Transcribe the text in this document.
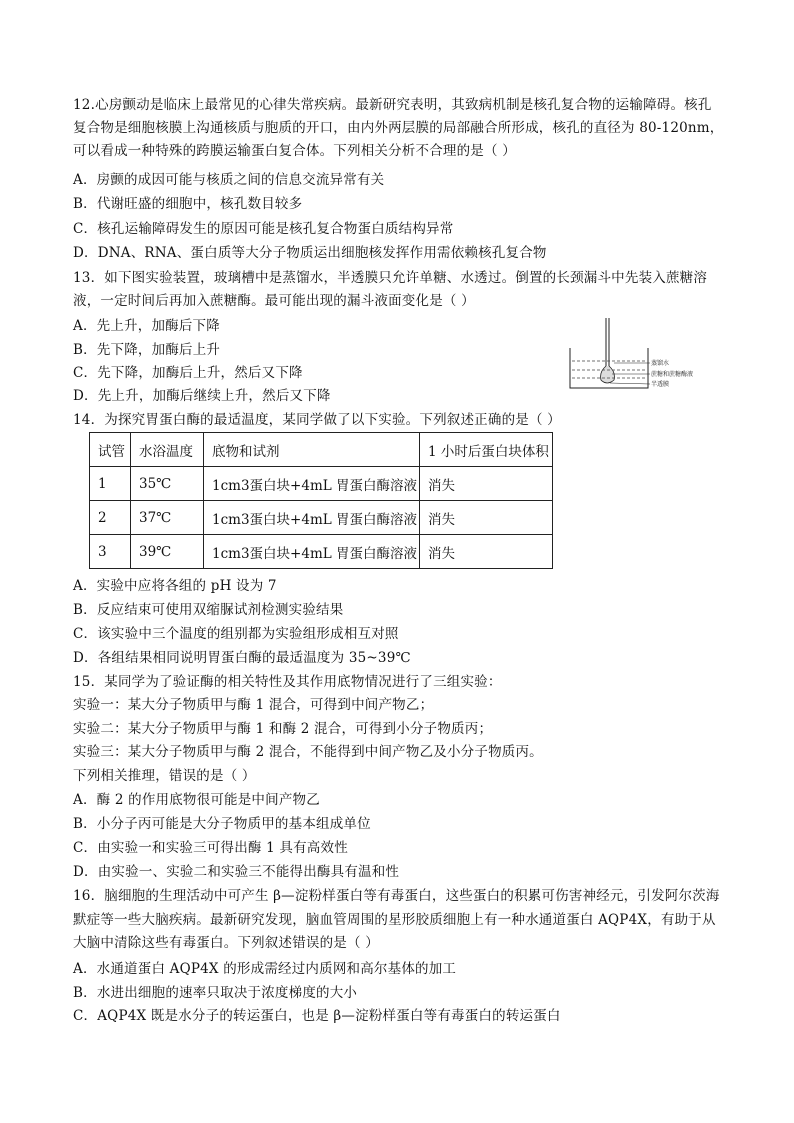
12.心房颤动是临床上最常见的心律失常疾病。最新研究表明，其致病机制是核孔复合物的运输障碍。核孔
复合物是细胞核膜上沟通核质与胞质的开口，由内外两层膜的局部融合所形成，核孔的直径为 80-120nm，
可以看成一种特殊的跨膜运输蛋白复合体。下列相关分析不合理的是（ ）
A．房颤的成因可能与核质之间的信息交流异常有关
B．代谢旺盛的细胞中，核孔数目较多
C．核孔运输障碍发生的原因可能是核孔复合物蛋白质结构异常
D．DNA、RNA、蛋白质等大分子物质运出细胞核发挥作用需依赖核孔复合物
13．如下图实验装置，玻璃槽中是蒸馏水，半透膜只允许单糖、水透过。倒置的长颈漏斗中先装入蔗糖溶
液，一定时间后再加入蔗糖酶。最可能出现的漏斗液面变化是（ ）
A．先上升，加酶后下降
B．先下降，加酶后上升
C．先下降，加酶后上升，然后又下降
D．先上升，加酶后继续上升，然后又下降
蒸馏水
蔗糖和蔗糖酶液
半透膜
14．为探究胃蛋白酶的最适温度，某同学做了以下实验。下列叙述正确的是（ ）
试管	水浴温度	底物和试剂	1 小时后蛋白块体积
1	35℃	1cm3蛋白块+4mL 胃蛋白酶溶液	消失
2	37℃	1cm3蛋白块+4mL 胃蛋白酶溶液	消失
3	39℃	1cm3蛋白块+4mL 胃蛋白酶溶液	消失
A．实验中应将各组的 pH 设为 7
B．反应结束可使用双缩脲试剂检测实验结果
C．该实验中三个温度的组别都为实验组形成相互对照
D．各组结果相同说明胃蛋白酶的最适温度为 35~39℃
15．某同学为了验证酶的相关特性及其作用底物情况进行了三组实验：
实验一：某大分子物质甲与酶 1 混合，可得到中间产物乙；
实验二：某大分子物质甲与酶 1 和酶 2 混合，可得到小分子物质丙；
实验三：某大分子物质甲与酶 2 混合，不能得到中间产物乙及小分子物质丙。
下列相关推理，错误的是（ ）
A．酶 2 的作用底物很可能是中间产物乙
B．小分子丙可能是大分子物质甲的基本组成单位
C．由实验一和实验三可得出酶 1 具有高效性
D．由实验一、实验二和实验三不能得出酶具有温和性
16．脑细胞的生理活动中可产生 β—淀粉样蛋白等有毒蛋白，这些蛋白的积累可伤害神经元，引发阿尔茨海
默症等一些大脑疾病。最新研究发现，脑血管周围的星形胶质细胞上有一种水通道蛋白 AQP4X，有助于从
大脑中清除这些有毒蛋白。下列叙述错误的是（ ）
A．水通道蛋白 AQP4X 的形成需经过内质网和高尔基体的加工
B．水进出细胞的速率只取决于浓度梯度的大小
C．AQP4X 既是水分子的转运蛋白，也是 β—淀粉样蛋白等有毒蛋白的转运蛋白
